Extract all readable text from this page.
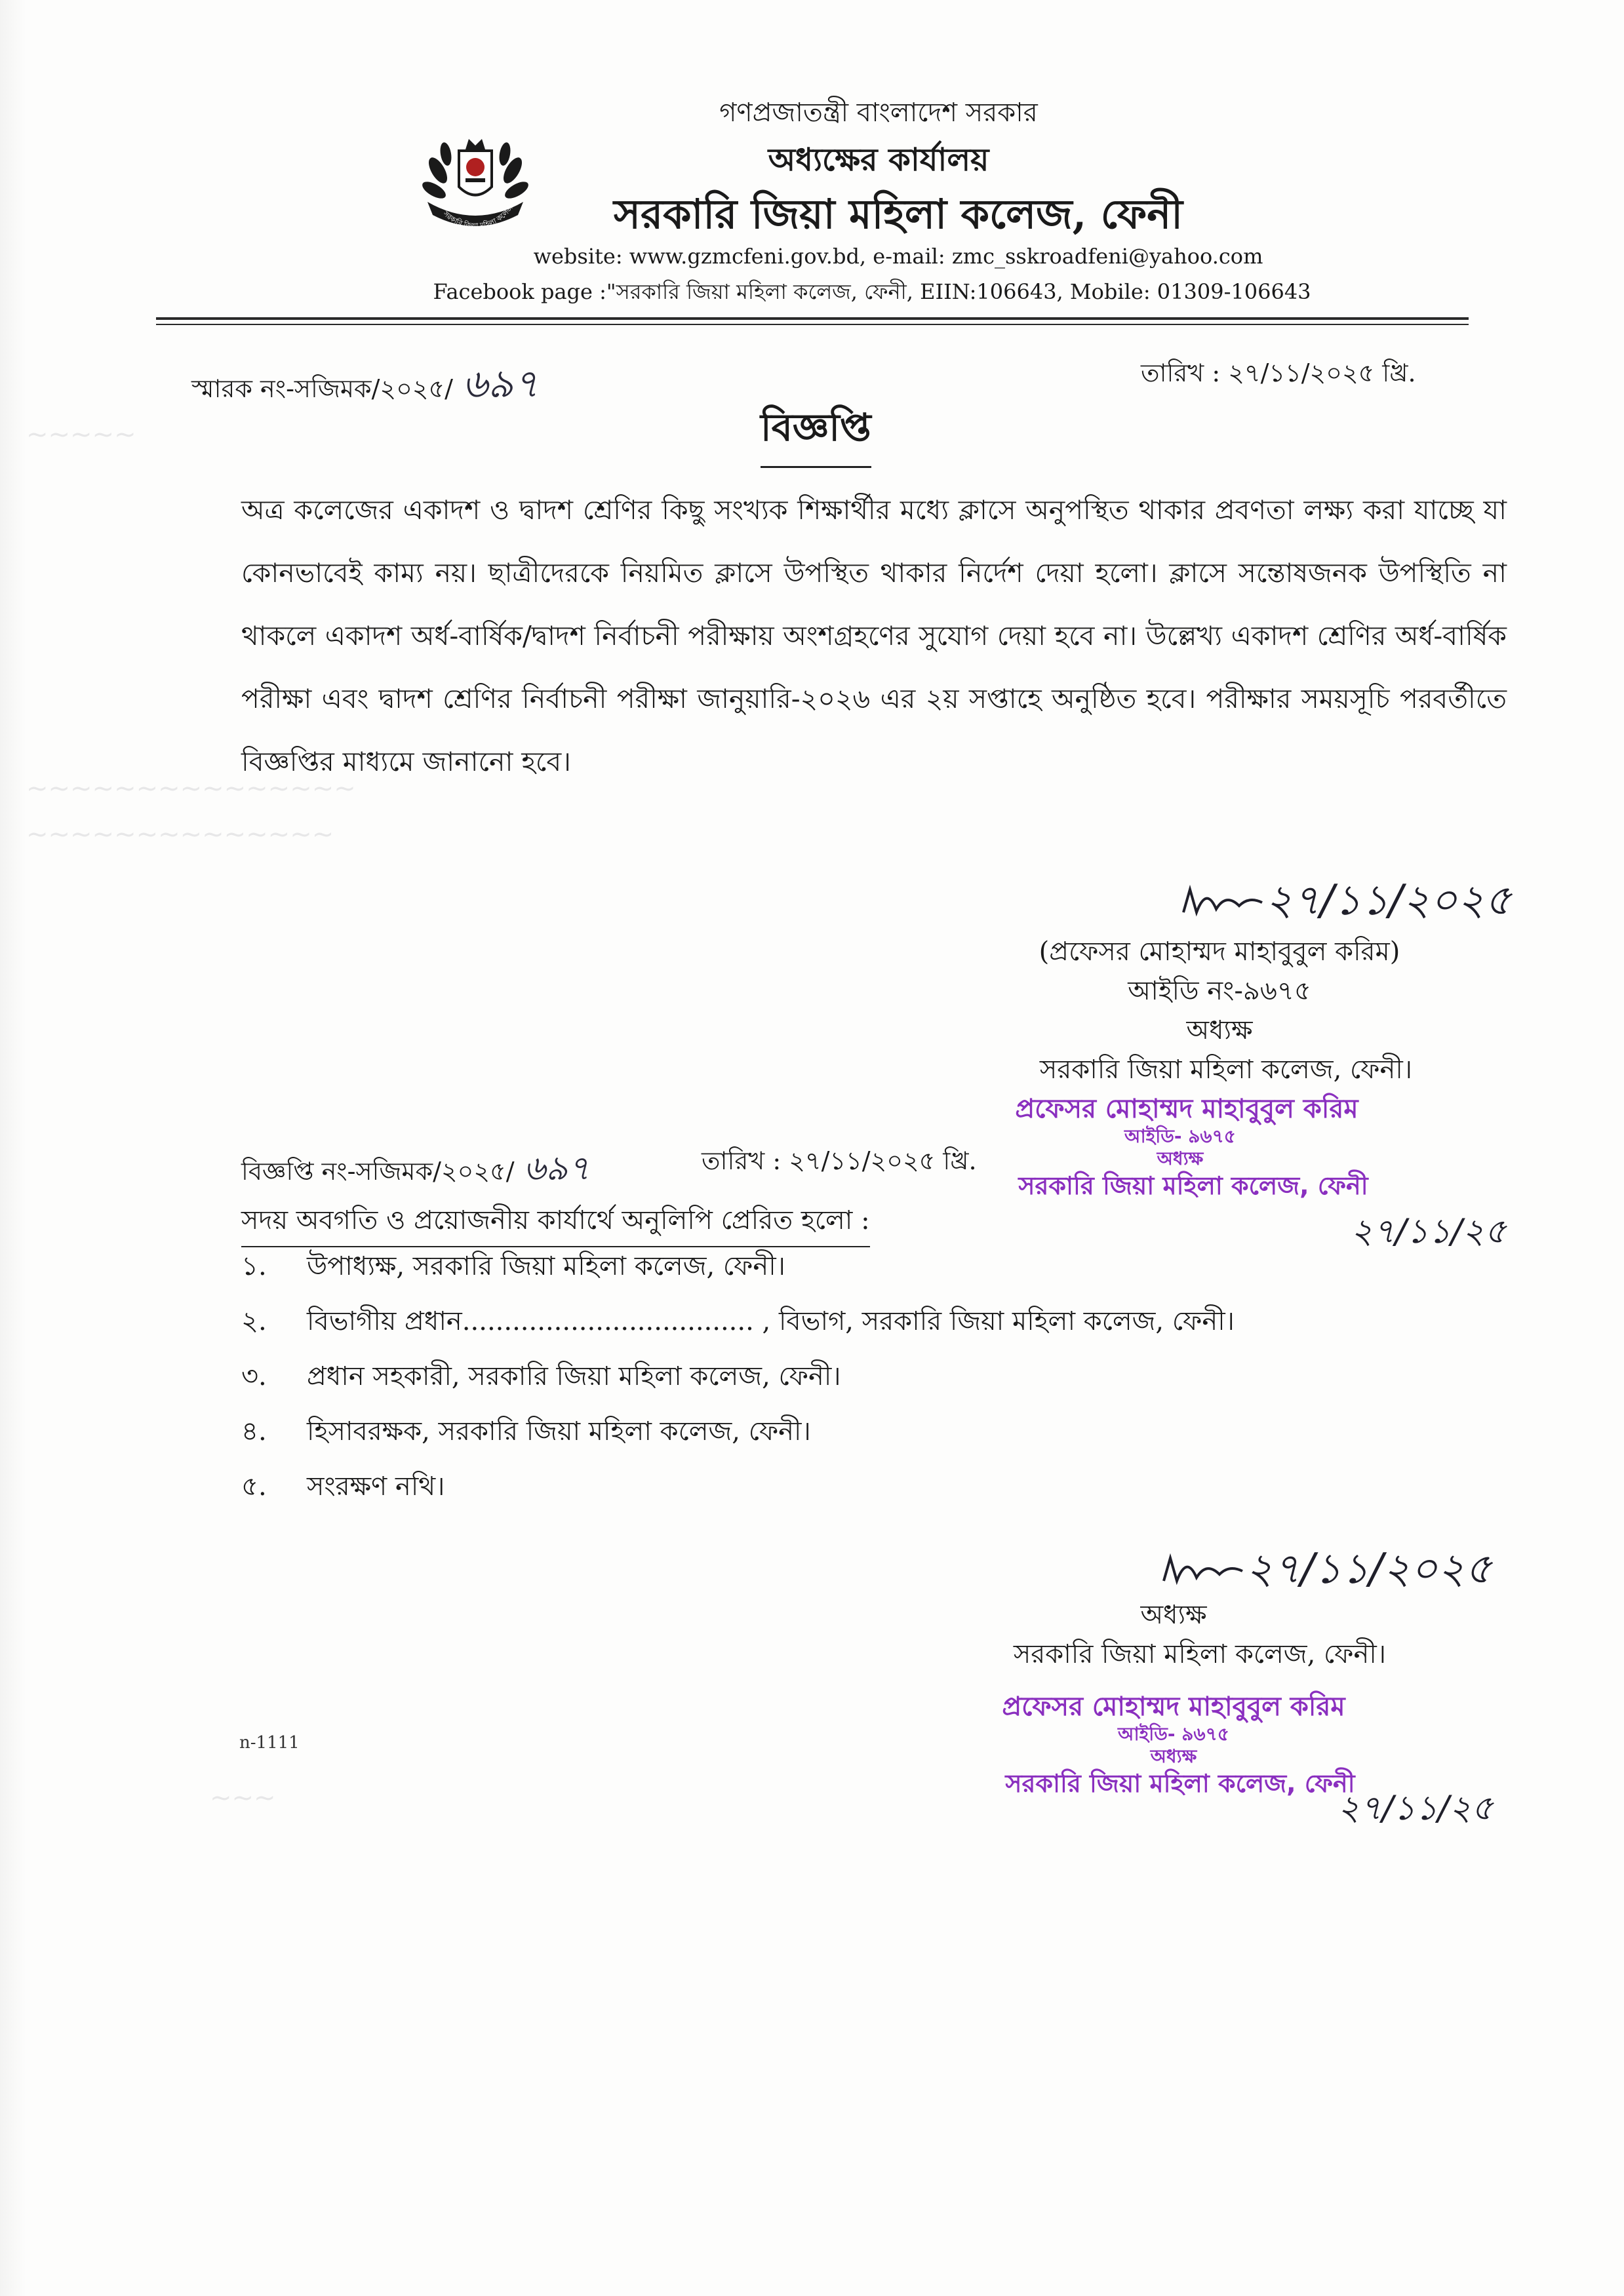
সরকারি জিয়া মহিলা কলেজ
গণপ্রজাতন্ত্রী বাংলাদেশ সরকার
অধ্যক্ষের কার্যালয়
সরকারি জিয়া মহিলা কলেজ, ফেনী
website: www.gzmcfeni.gov.bd, e-mail: zmc_sskroadfeni@yahoo.com
Facebook page :"সরকারি জিয়া মহিলা কলেজ, ফেনী, EIIN:106643, Mobile: 01309-106643
স্মারক নং-সজিমক/২০২৫/ ৬৯৭	তারিখ : ২৭/১১/২০২৫ খ্রি.
বিজ্ঞপ্তি
~~~~~
~~~~~~~~~~~~~~~
~~~~~~~~~~~~~~
অত্র কলেজের একাদশ ও দ্বাদশ শ্রেণির কিছু সংখ্যক শিক্ষার্থীর মধ্যে ক্লাসে অনুপস্থিত থাকার প্রবণতা লক্ষ্য করা যাচ্ছে যা কোনভাবেই কাম্য নয়। ছাত্রীদেরকে নিয়মিত ক্লাসে উপস্থিত থাকার নির্দেশ দেয়া হলো। ক্লাসে সন্তোষজনক উপস্থিতি না থাকলে একাদশ অর্ধ-বার্ষিক/দ্বাদশ নির্বাচনী পরীক্ষায় অংশগ্রহণের সুযোগ দেয়া হবে না। উল্লেখ্য একাদশ শ্রেণির অর্ধ-বার্ষিক পরীক্ষা এবং দ্বাদশ শ্রেণির নির্বাচনী পরীক্ষা জানুয়ারি-২০২৬ এর ২য় সপ্তাহে অনুষ্ঠিত হবে। পরীক্ষার সময়সূচি পরবর্তীতে বিজ্ঞপ্তির মাধ্যমে জানানো হবে।
২৭/১১/২০২৫
(প্রফেসর মোহাম্মদ মাহাবুবুল করিম)
আইডি নং-৯৬৭৫
অধ্যক্ষ
সরকারি জিয়া মহিলা কলেজ, ফেনী।
প্রফেসর মোহাম্মদ মাহাবুবুল করিম
আইডি- ৯৬৭৫
অধ্যক্ষ
সরকারি জিয়া মহিলা কলেজ, ফেনী
২৭/১১/২৫
বিজ্ঞপ্তি নং-সজিমক/২০২৫/ ৬৯৭	তারিখ : ২৭/১১/২০২৫ খ্রি.
সদয় অবগতি ও প্রয়োজনীয় কার্যার্থে অনুলিপি প্রেরিত হলো :
১. উপাধ্যক্ষ, সরকারি জিয়া মহিলা কলেজ, ফেনী।
২. বিভাগীয় প্রধান................................... , বিভাগ, সরকারি জিয়া মহিলা কলেজ, ফেনী।
৩. প্রধান সহকারী, সরকারি জিয়া মহিলা কলেজ, ফেনী।
৪. হিসাবরক্ষক, সরকারি জিয়া মহিলা কলেজ, ফেনী।
৫. সংরক্ষণ নথি।
২৭/১১/২০২৫
অধ্যক্ষ
সরকারি জিয়া মহিলা কলেজ, ফেনী।
প্রফেসর মোহাম্মদ মাহাবুবুল করিম
আইডি- ৯৬৭৫
অধ্যক্ষ
সরকারি জিয়া মহিলা কলেজ, ফেনী
২৭/১১/২৫
n-1111
~~~
